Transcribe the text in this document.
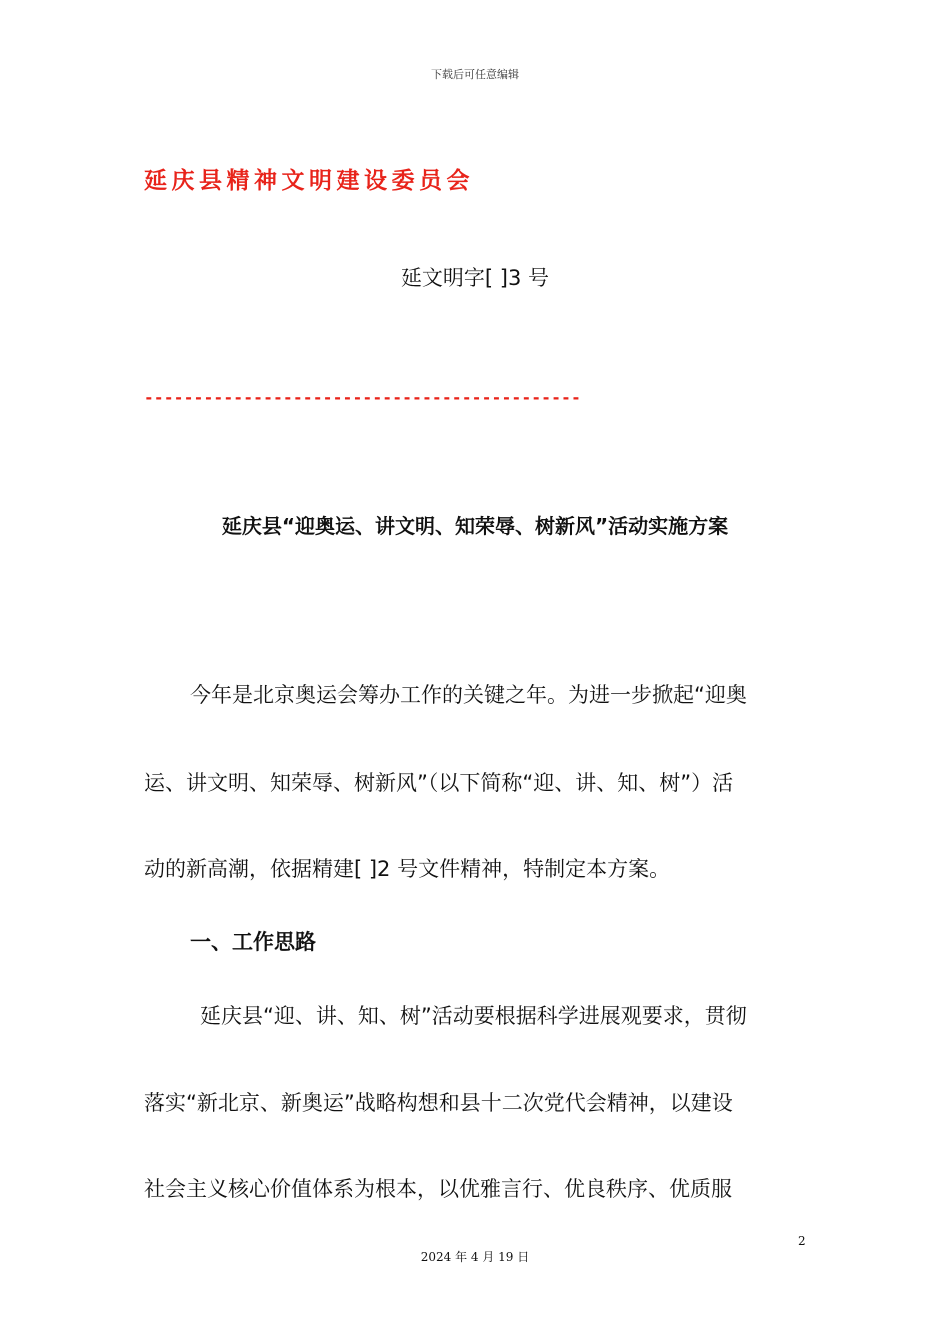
下载后可任意编辑
延庆县精神文明建设委员会
延文明字[ ]3 号
--------------------------------------------
延庆县“迎奥运、讲文明、知荣辱、树新风”活动实施方案
今年是北京奥运会筹办工作的关键之年。为进一步掀起“迎奥
运、讲文明、知荣辱、树新风”（以下简称“迎、讲、知、树”）活
动的新高潮，依据精建[ ]2 号文件精神，特制定本方案。
一、工作思路
延庆县“迎、讲、知、树”活动要根据科学进展观要求，贯彻
落实“新北京、新奥运”战略构想和县十二次党代会精神，以建设
社会主义核心价值体系为根本，以优雅言行、优良秩序、优质服
2
2024 年 4 月 19 日
